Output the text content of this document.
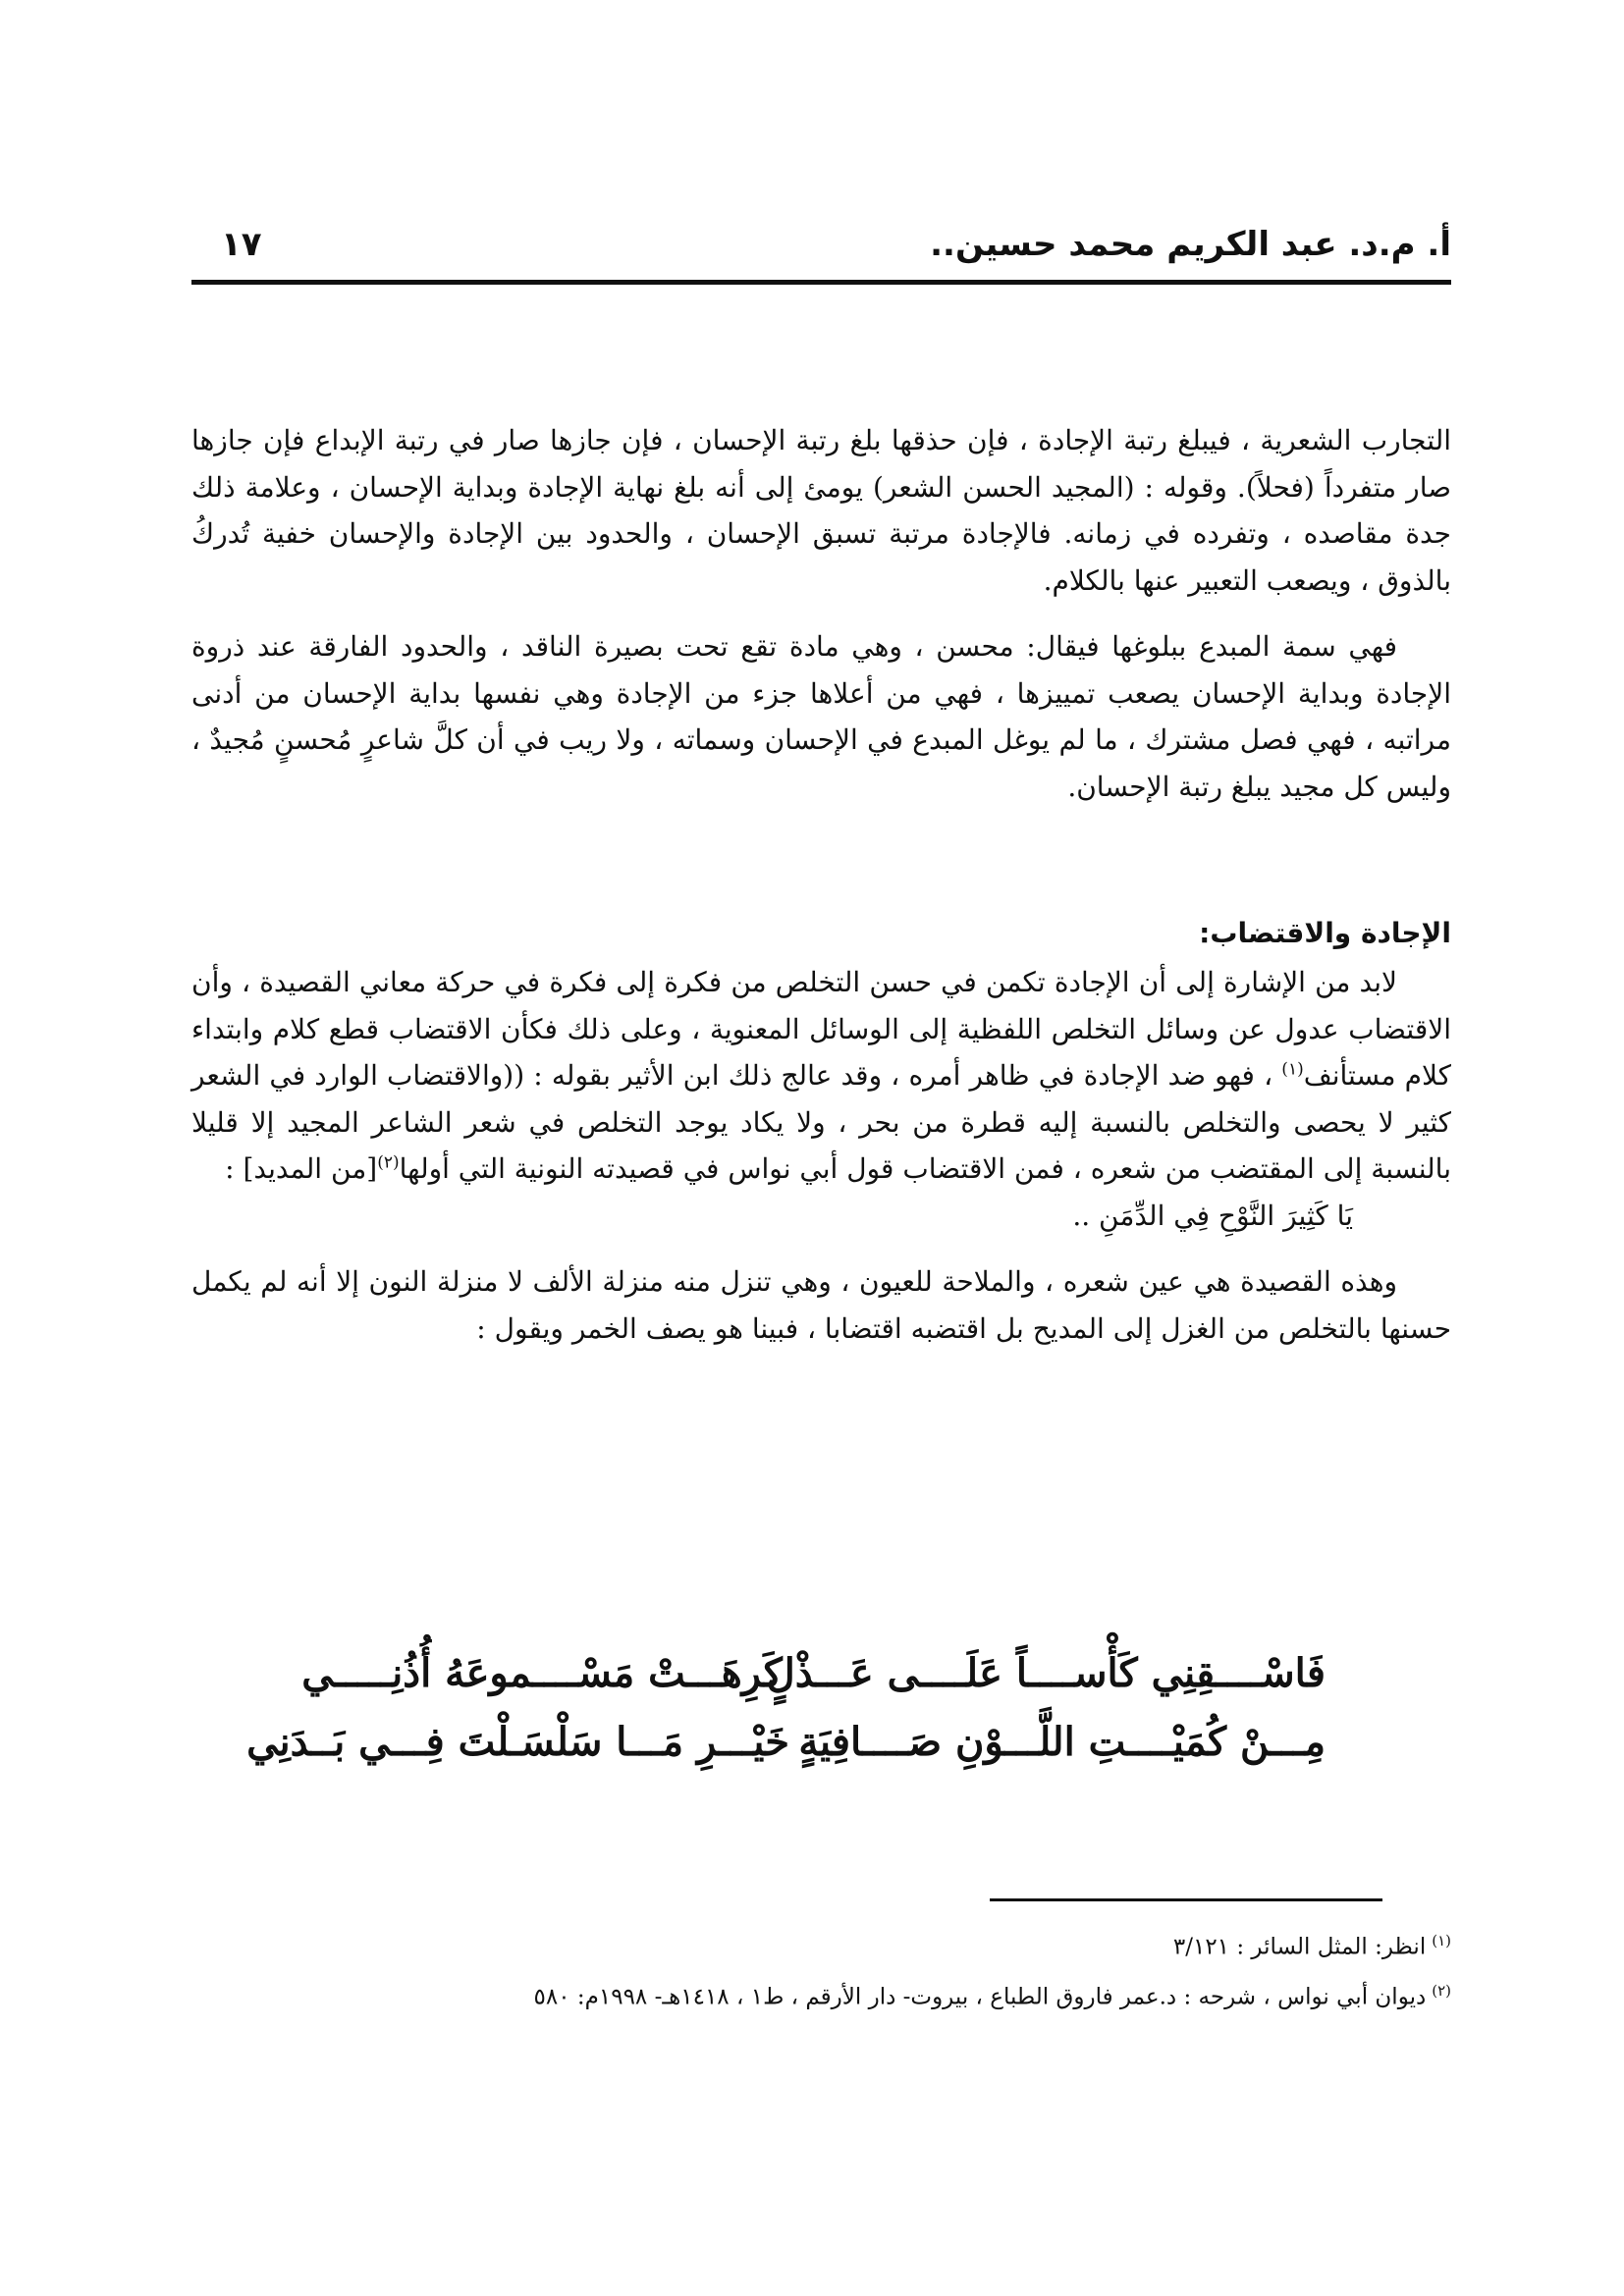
أ. م.د. عبد الكريم محمد حسين..
١٧

التجارب الشعرية ، فيبلغ رتبة الإجادة ، فإن حذقها بلغ رتبة الإحسان ، فإن جازها صار في رتبة الإبداع فإن جازها صار متفرداً (فحلاً). وقوله : (المجيد الحسن الشعر) يومئ إلى أنه بلغ نهاية الإجادة وبداية الإحسان ، وعلامة ذلك جدة مقاصده ، وتفرده في زمانه. فالإجادة مرتبة تسبق الإحسان ، والحدود بين الإجادة والإحسان خفية تُدركُ بالذوق ، ويصعب التعبير عنها بالكلام.

فهي سمة المبدع ببلوغها فيقال: محسن ، وهي مادة تقع تحت بصيرة الناقد ، والحدود الفارقة عند ذروة الإجادة وبداية الإحسان يصعب تمييزها ، فهي من أعلاها جزء من الإجادة وهي نفسها بداية الإحسان من أدنى مراتبه ، فهي فصل مشترك ، ما لم يوغل المبدع في الإحسان وسماته ، ولا ريب في أن كلَّ شاعرٍ مُحسنٍ مُجيدٌ ، وليس كل مجيد يبلغ رتبة الإحسان.

الإجادة والاقتضاب:

لابد من الإشارة إلى أن الإجادة تكمن في حسن التخلص من فكرة إلى فكرة في حركة معاني القصيدة ، وأن الاقتضاب عدول عن وسائل التخلص اللفظية إلى الوسائل المعنوية ، وعلى ذلك فكأن الاقتضاب قطع كلام وابتداء كلام مستأنف$^{(١)}$ ، فهو ضد الإجادة في ظاهر أمره ، وقد عالج ذلك ابن الأثير بقوله : ((والاقتضاب الوارد في الشعر كثير لا يحصى والتخلص بالنسبة إليه قطرة من بحر ، ولا يكاد يوجد التخلص في شعر الشاعر المجيد إلا قليلا بالنسبة إلى المقتضب من شعره ، فمن الاقتضاب قول أبي نواس في قصيدته النونية التي أولها$^{(٢)}$[من المديد] :

يَا كَثِيرَ النَّوْحِ فِي الدِّمَنِ ..

وهذه القصيدة هي عين شعره ، والملاحة للعيون ، وهي تنزل منه منزلة الألف لا منزلة النون إلا أنه لم يكمل حسنها بالتخلص من الغزل إلى المديح بل اقتضبه اقتضابا ، فبينا هو يصف الخمر ويقول :

فَاسْــــقِنِي كَأْســــاً عَلَــــى عَـــذْلٍ
كَرِهَـــتْ مَسْــــموعَهُ أُذُنِـــــي
مِـــنْ كُمَيْــــتِ اللَّـــوْنِ صَــــافِيَةٍ
خَيْـــرِ مَـــا سَلْسَـلْتَ فِـــي بَــدَنِي

$^{(١)}$انظر: المثل السائر : ٣/١٢١

$^{(٢)}$ديوان أبي نواس ، شرحه : د.عمر فاروق الطباع ، بيروت- دار الأرقم ، ط١ ، ١٤١٨هـ- ١٩٩٨م: ٥٨٠
